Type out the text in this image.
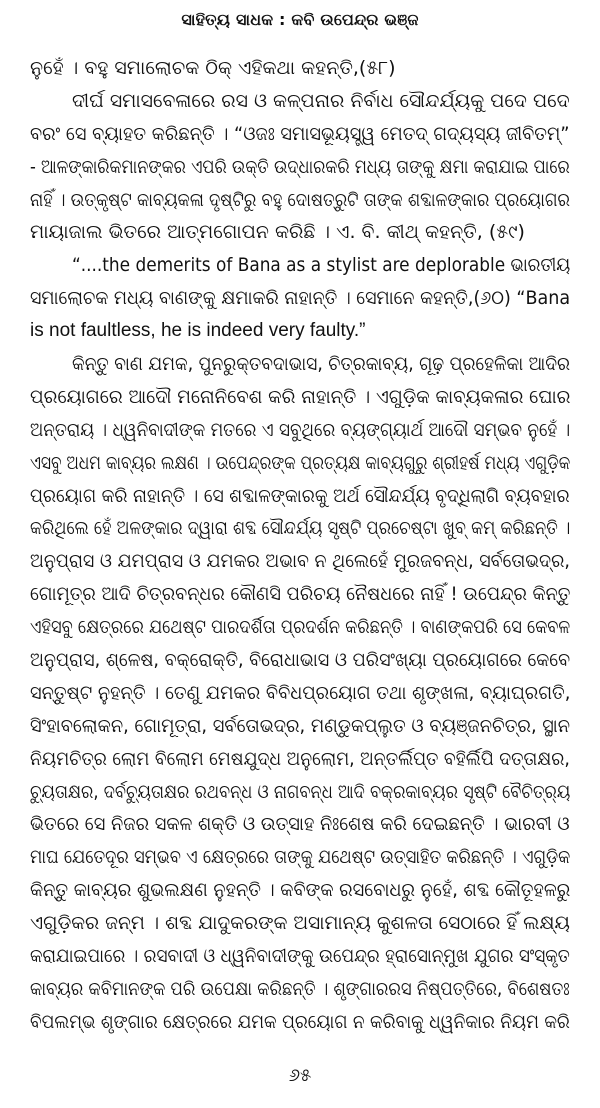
ସାହିତ୍ୟ ସାଧକ : କବି ଉପେନ୍ଦ୍ର ଭଞ୍ଜ
ନୁହେଁ । ବହୁ ସମାଲୋଚକ ଠିକ୍ ଏହିକଥା କହନ୍ତି,(୫୮)
ଦୀର୍ଘ ସମାସବେଳାରେ ରସ ଓ କଳ୍ପନାର ନିର୍ବାଧ ସୌନ୍ଦର୍ଯ୍ୟକୁ ପଦେ ପଦେ
ବରଂ ସେ ବ୍ୟାହତ କରିଛନ୍ତି । “ଓଜଃ ସମାସଭୂୟସ୍ତ୍ୱ ମେତଦ୍ ଗଦ୍ୟସ୍ୟ ଜୀବିତମ୍”
- ଆଳଙ୍କାରିକମାନଙ୍କର ଏପରି ଉକ୍ତି ଉଦ୍ଧାରକରି ମଧ୍ୟ ତାଙ୍କୁ କ୍ଷମା କରାଯାଇ ପାରେ
ନାହିଁ । ଉତ୍କୃଷ୍ଟ କାବ୍ୟକଳା ଦୃଷ୍ଟିରୁ ବହୁ ଦୋଷତ୍ରୁଟି ତାଙ୍କ ଶବ୍ଦାଳଙ୍କାର ପ୍ରୟୋଗର
ମାୟାଜାଲ ଭିତରେ ଆତ୍ମଗୋପନ କରିଛି । ଏ. ବି. କୀଥ୍ କହନ୍ତି, (୫୯)
“....the demerits of Bana as a stylist are deplorable ଭାରତୀୟ
ସମାଲୋଚକ ମଧ୍ୟ ବାଣଙ୍କୁ କ୍ଷମାକରି ନାହାନ୍ତି । ସେମାନେ କହନ୍ତି,(୬୦) “Bana
is not faultless, he is indeed very faulty.”
କିନ୍ତୁ ବାଣ ଯମକ, ପୁନରୁକ୍ତବଦାଭାସ, ଚିତ୍ରକାବ୍ୟ, ଗୂଢ଼ ପ୍ରହେଳିକା ଆଦିର
ପ୍ରୟୋଗରେ ଆଦୌ ମନୋନିବେଶ କରି ନାହାନ୍ତି । ଏଗୁଡ଼ିକ କାବ୍ୟକଳାର ଘୋର
ଅନ୍ତରାୟ । ଧ୍ୱନିବାଦୀଙ୍କ ମତରେ ଏ ସବୁଥିରେ ବ୍ୟଙ୍ଗ୍ୟାର୍ଥ ଆଦୌ ସମ୍ଭବ ନୁହେଁ ।
ଏସବୁ ଅଧମ କାବ୍ୟର ଲକ୍ଷଣ । ଉପେନ୍ଦ୍ରଙ୍କ ପ୍ରତ୍ୟକ୍ଷ କାବ୍ୟଗୁରୁ ଶ୍ରୀହର୍ଷ ମଧ୍ୟ ଏଗୁଡ଼ିକ
ପ୍ରୟୋଗ କରି ନାହାନ୍ତି । ସେ ଶବ୍ଦାଳଙ୍କାରକୁ ଅର୍ଥ ସୌନ୍ଦର୍ଯ୍ୟ ବୃଦ୍ଧିଲାଗି ବ୍ୟବହାର
କରିଥିଲେ ହେଁ ଅଳଙ୍କାର ଦ୍ୱାରା ଶବ୍ଦ ସୌନ୍ଦର୍ଯ୍ୟ ସୃଷ୍ଟି ପ୍ରଚେଷ୍ଟା ଖୁବ୍ କମ୍ କରିଛନ୍ତି ।
ଅନୁପ୍ରାସ ଓ ଯମପ୍ରାସ ଓ ଯମକର ଅଭାବ ନ ଥିଲେହେଁ ମୁରଜବନ୍ଧ, ସର୍ବତୋଭଦ୍ର,
ଗୋମୂତ୍ର ଆଦି ଚିତ୍ରବନ୍ଧର କୌଣସି ପରିଚୟ ନୈଷଧରେ ନାହିଁ ! ଉପେନ୍ଦ୍ର କିନ୍ତୁ
ଏହିସବୁ କ୍ଷେତ୍ରରେ ଯଥେଷ୍ଟ ପାରଦର୍ଶିତା ପ୍ରଦର୍ଶନ କରିଛନ୍ତି । ବାଣଙ୍କପରି ସେ କେବଳ
ଅନୁପ୍ରାସ, ଶ୍ଳେଷ, ବକ୍ରୋକ୍ତି, ବିରୋଧାଭାସ ଓ ପରିସଂଖ୍ୟା ପ୍ରୟୋଗରେ କେବେ
ସନ୍ତୁଷ୍ଟ ନୁହନ୍ତି । ତେଣୁ ଯମକର ବିବିଧପ୍ରୟୋଗ ତଥା ଶୃଙ୍ଖଳା, ବ୍ୟାଘ୍ରଗତି,
ସିଂହାବଲୋକନ, ଗୋମୂତ୍ରା, ସର୍ବତୋଭଦ୍ର, ମଣ୍ଡୁକପ୍ଲୁତ ଓ ବ୍ୟଞ୍ଜନଚିତ୍ର, ସ୍ଥାନ
ନିୟମଚିତ୍ର ଲୋମ ବିଲୋମ ମେଷଯୁଦ୍ଧ ଅନୁଲୋମ, ଅନ୍ତର୍ଲିପ୍ତ ବହିର୍ଲିପି ଦତ୍ତାକ୍ଷର,
ଚ୍ୟୁତାକ୍ଷର, ଦର୍ବଚ୍ୟୁତାକ୍ଷର ରଥବନ୍ଧ ଓ ନାଗବନ୍ଧ ଆଦି ବକ୍ରକାବ୍ୟର ସୃଷ୍ଟି ବୈଚିତ୍ର୍ୟ
ଭିତରେ ସେ ନିଜର ସକଳ ଶକ୍ତି ଓ ଉତ୍ସାହ ନିଃଶେଷ କରି ଦେଇଛନ୍ତି । ଭାରବୀ ଓ
ମାଘ ଯେତେଦୂର ସମ୍ଭବ ଏ କ୍ଷେତ୍ରରେ ତାଙ୍କୁ ଯଥେଷ୍ଟ ଉତ୍ସାହିତ କରିଛନ୍ତି । ଏଗୁଡ଼ିକ
କିନ୍ତୁ କାବ୍ୟର ଶୁଭଲକ୍ଷଣ ନୁହନ୍ତି । କବିଙ୍କ ରସବୋଧରୁ ନୁହେଁ, ଶବ୍ଦ କୌତୂହଳରୁ
ଏଗୁଡ଼ିକର ଜନ୍ମ । ଶବ୍ଦ ଯାଦୁକରଙ୍କ ଅସାମାନ୍ୟ କୁଶଳତା ସେଠାରେ ହିଁ ଲକ୍ଷ୍ୟ
କରାଯାଇପାରେ । ରସବାଦୀ ଓ ଧ୍ୱନିବାଦୀଙ୍କୁ ଉପେନ୍ଦ୍ର ହ୍ରାସୋନ୍ମୁଖ ଯୁଗର ସଂସ୍କୃତ
କାବ୍ୟର କବିମାନଙ୍କ ପରି ଉପେକ୍ଷା କରିଛନ୍ତି । ଶୃଙ୍ଗାରରସ ନିଷ୍ପତ୍ତିରେ, ବିଶେଷତଃ
ବିପଲମ୍ଭ ଶୃଙ୍ଗାର କ୍ଷେତ୍ରରେ ଯମକ ପ୍ରୟୋଗ ନ କରିବାକୁ ଧ୍ୱନିକାର ନିୟମ କରି
୬୫
